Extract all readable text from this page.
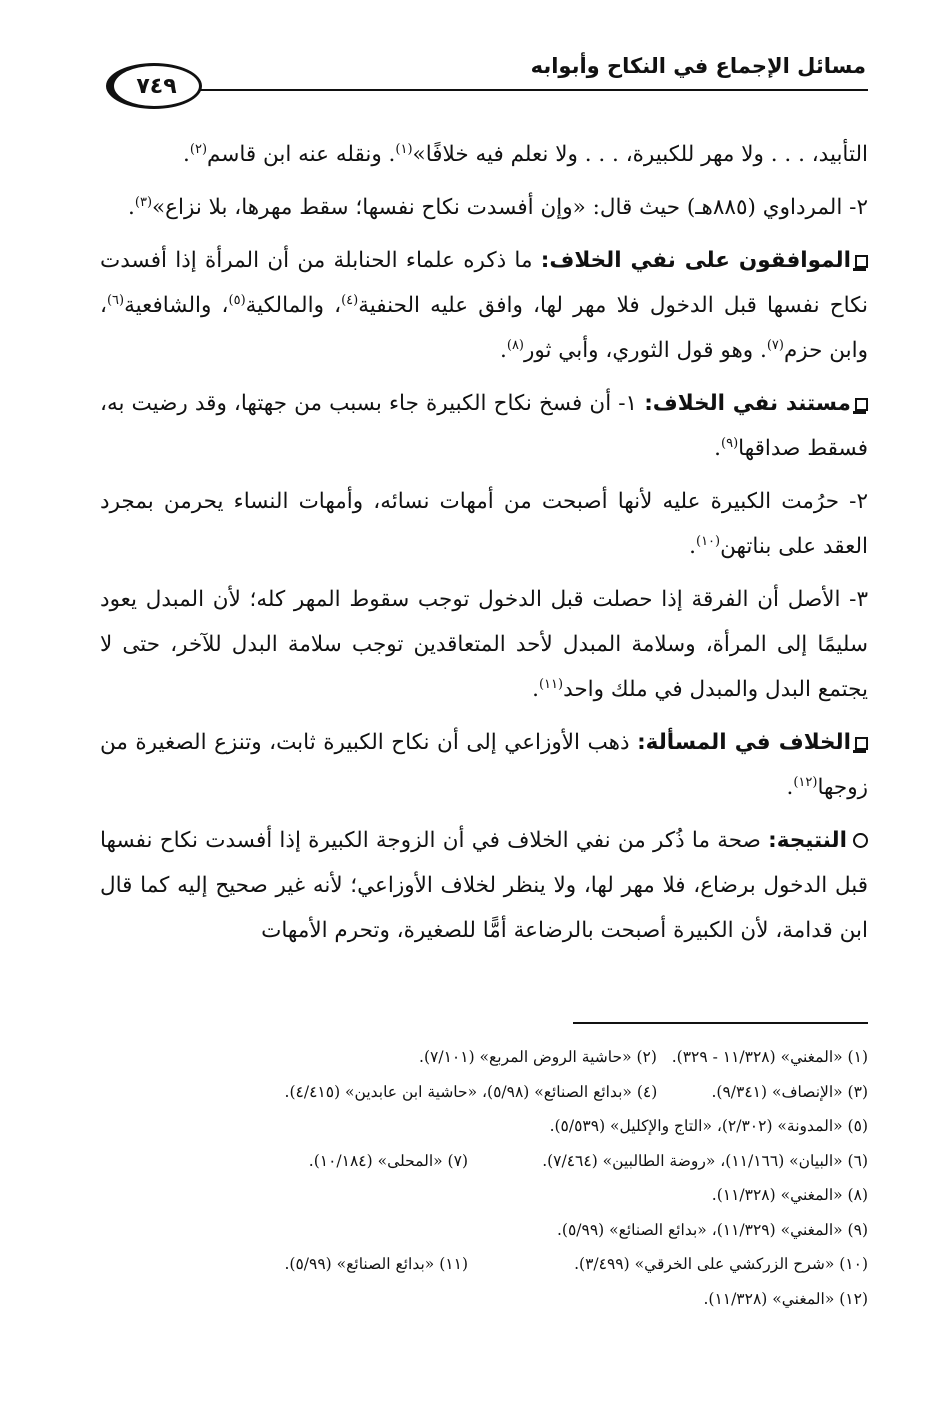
مسائل الإجماع في النكاح وأبوابه
٧٤٩

التأبيد، . . . ولا مهر للكبيرة، . . . ولا نعلم فيه خلافًا»$^{(١)}$. ونقله عنه ابن قاسم$^{(٢)}$.

٢- المرداوي (٨٨٥هـ) حيث قال: «وإن أفسدت نكاح نفسها؛ سقط مهرها، بلا نزاع»$^{(٣)}$.

الموافقون على نفي الخلاف: ما ذكره علماء الحنابلة من أن المرأة إذا أفسدت نكاح نفسها قبل الدخول فلا مهر لها، وافق عليه الحنفية$^{(٤)}$، والمالكية$^{(٥)}$، والشافعية$^{(٦)}$، وابن حزم$^{(٧)}$. وهو قول الثوري، وأبي ثور$^{(٨)}$.

مستند نفي الخلاف: ١- أن فسخ نكاح الكبيرة جاء بسبب من جهتها، وقد رضيت به، فسقط صداقها$^{(٩)}$.

٢- حرُمت الكبيرة عليه لأنها أصبحت من أمهات نسائه، وأمهات النساء يحرمن بمجرد العقد على بناتهن$^{(١٠)}$.

٣- الأصل أن الفرقة إذا حصلت قبل الدخول توجب سقوط المهر كله؛ لأن المبدل يعود سليمًا إلى المرأة، وسلامة المبدل لأحد المتعاقدين توجب سلامة البدل للآخر، حتى لا يجتمع البدل والمبدل في ملك واحد$^{(١١)}$.

الخلاف في المسألة: ذهب الأوزاعي إلى أن نكاح الكبيرة ثابت، وتنزع الصغيرة من زوجها$^{(١٢)}$.

النتيجة: صحة ما ذُكر من نفي الخلاف في أن الزوجة الكبيرة إذا أفسدت نكاح نفسها قبل الدخول برضاع، فلا مهر لها، ولا ينظر لخلاف الأوزاعي؛ لأنه غير صحيح إليه كما قال ابن قدامة، لأن الكبيرة أصبحت بالرضاعة أمًّا للصغيرة، وتحرم الأمهات

(١) «المغني» (١١/٣٢٨ - ٣٢٩).

(٢) «حاشية الروض المربع» (٧/١٠١).
(٣) «الإنصاف» (٩/٣٤١).

(٤) «بدائع الصنائع» (٥/٩٨)، «حاشية ابن عابدين» (٤/٤١٥).
(٥) «المدونة» (٢/٣٠٢)، «التاج والإكليل» (٥/٥٣٩).
(٦) «البيان» (١١/١٦٦)، «روضة الطالبين» (٧/٤٦٤).
(٧) «المحلى» (١٠/١٨٤).
(٨) «المغني» (١١/٣٢٨).
(٩) «المغني» (١١/٣٢٩)، «بدائع الصنائع» (٥/٩٩).
(١٠) «شرح الزركشي على الخرقي» (٣/٤٩٩).
(١١) «بدائع الصنائع» (٥/٩٩).
(١٢) «المغني» (١١/٣٢٨).
